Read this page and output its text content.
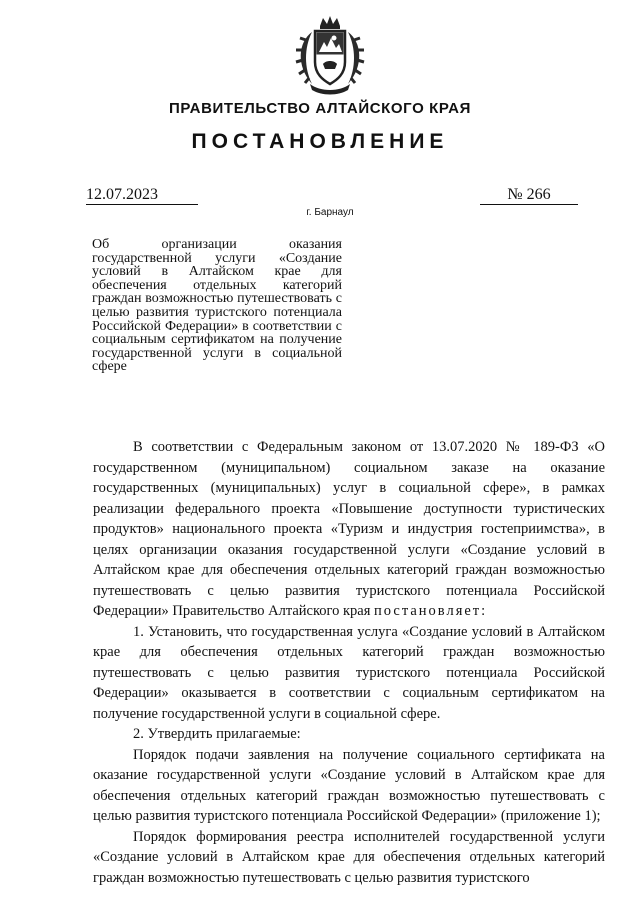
ПРАВИТЕЛЬСТВО АЛТАЙСКОГО КРАЯ
ПОСТАНОВЛЕНИЕ
12.07.2023	№ 266
г. Барнаул

Об организации оказания государственной услуги «Создание условий в Алтайском крае для обеспечения отдельных категорий граждан возможностью путешествовать с целью развития туристского потенциала Российской Федерации» в соответствии с социальным сертификатом на получение государственной услуги в социальной сфере

В соответствии с Федеральным законом от 13.07.2020 № 189-ФЗ «О государственном (муниципальном) социальном заказе на оказание государственных (муниципальных) услуг в социальной сфере», в рамках реализации федерального проекта «Повышение доступности туристических продуктов» национального проекта «Туризм и индустрия гостеприимства», в целях организации оказания государственной услуги «Создание условий в Алтайском крае для обеспечения отдельных категорий граждан возможностью путешествовать с целью развития туристского потенциала Российской Федерации» Правительство Алтайского края постановляет:

1. Установить, что государственная услуга «Создание условий в Алтайском крае для обеспечения отдельных категорий граждан возможностью путешествовать с целью развития туристского потенциала Российской Федерации» оказывается в соответствии с социальным сертификатом на получение государственной услуги в социальной сфере.

2. Утвердить прилагаемые:

Порядок подачи заявления на получение социального сертификата на оказание государственной услуги «Создание условий в Алтайском крае для обеспечения отдельных категорий граждан возможностью путешествовать с целью развития туристского потенциала Российской Федерации» (приложение 1);

Порядок формирования реестра исполнителей государственной услуги «Создание условий в Алтайском крае для обеспечения отдельных категорий граждан возможностью путешествовать с целью развития туристского
